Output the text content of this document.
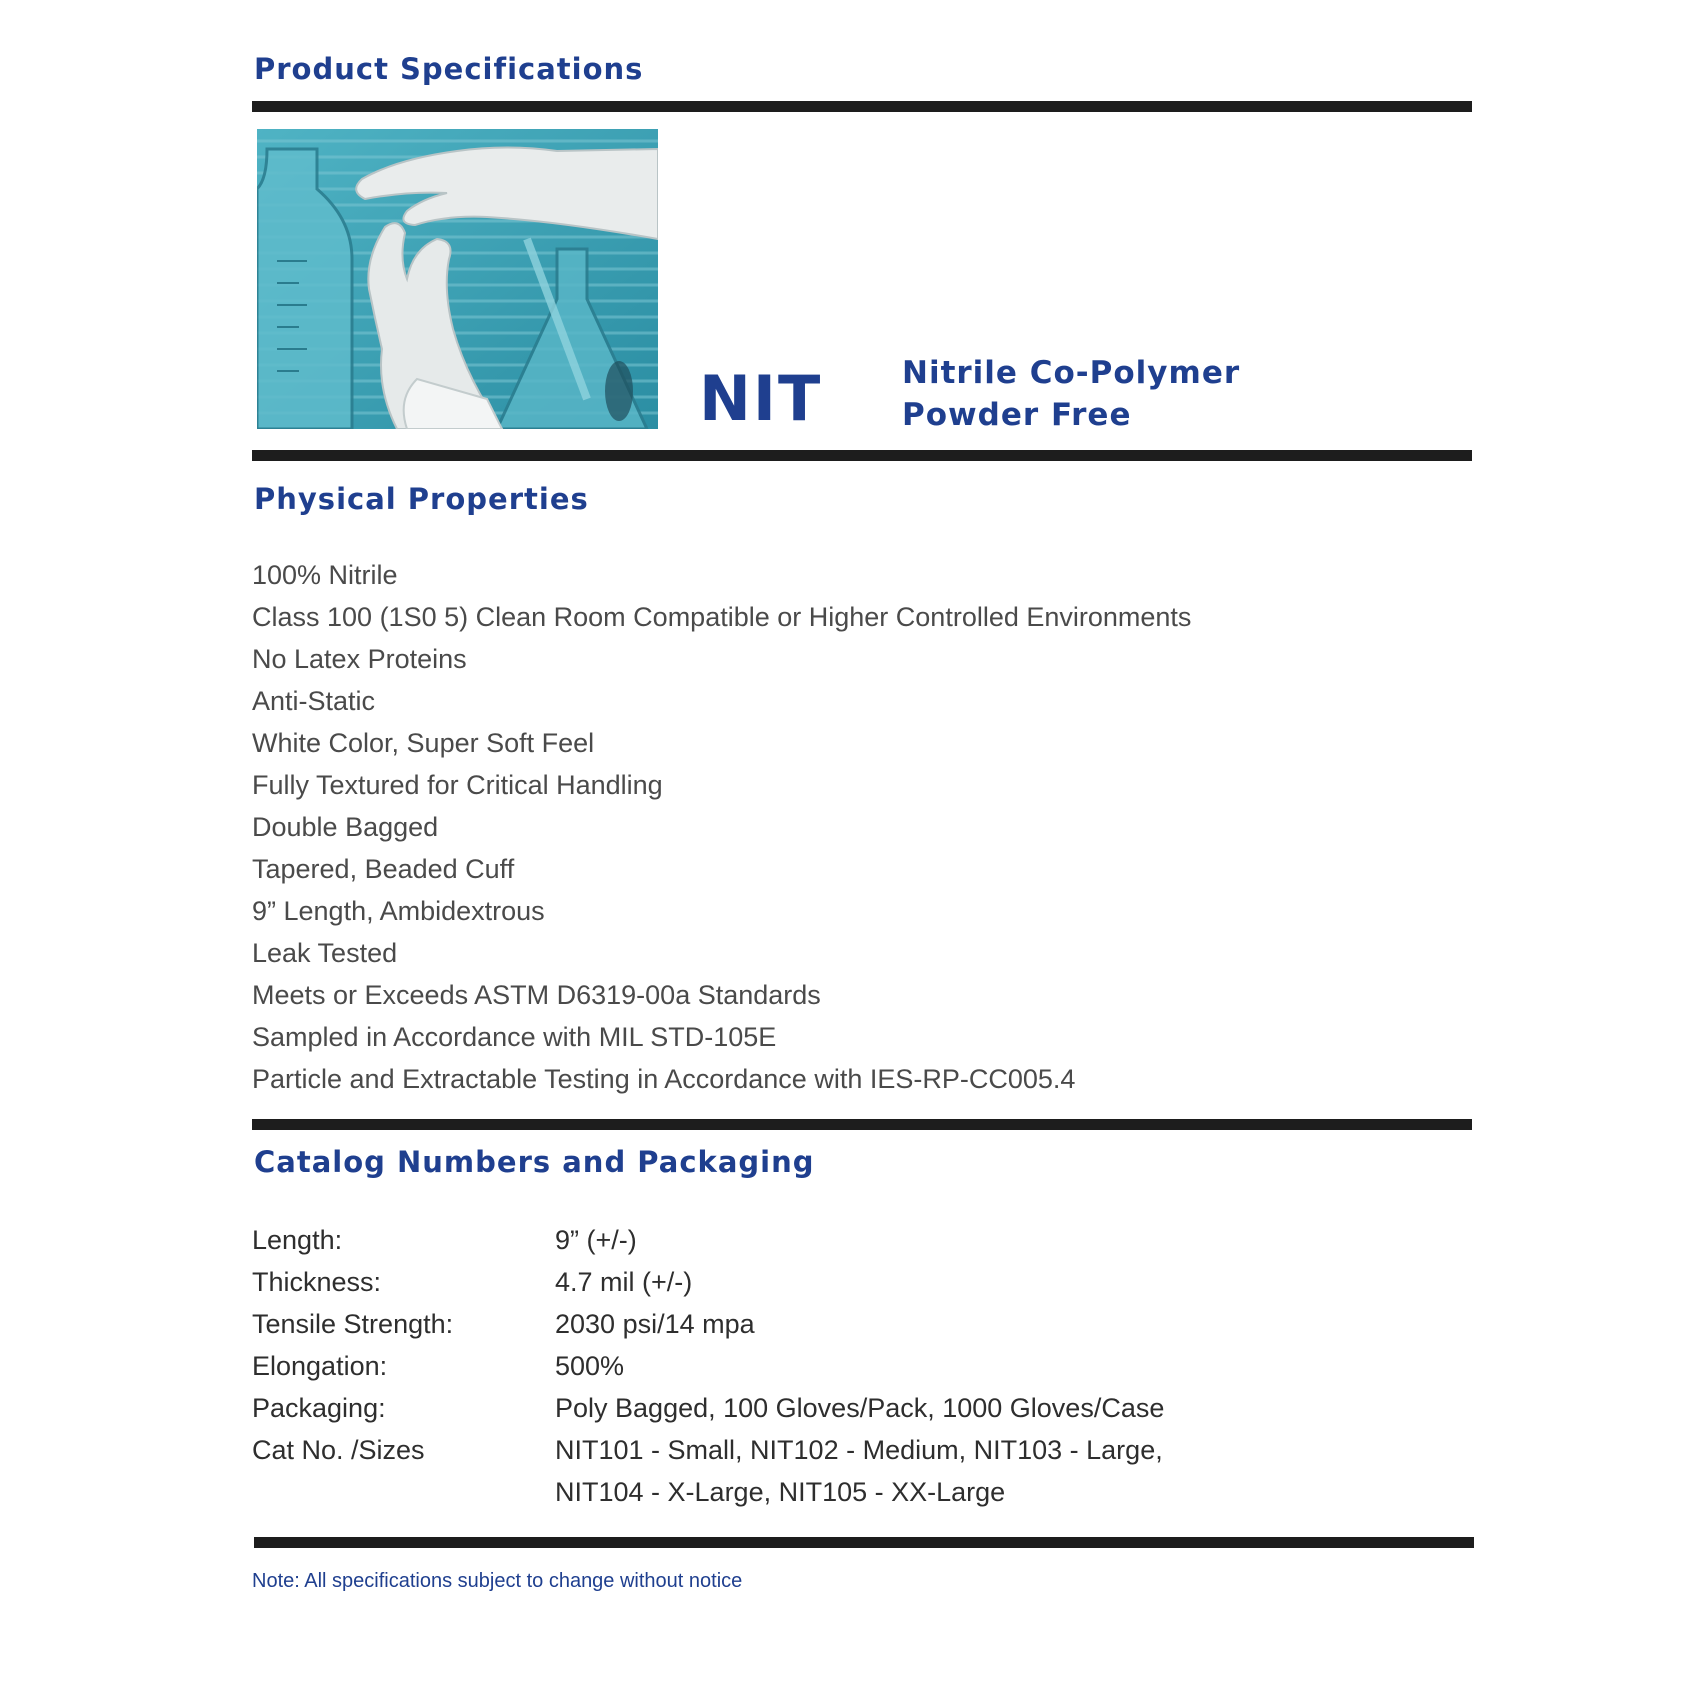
Product Specifications
NIT	Nitrile Co-Polymer
Powder Free
Physical Properties
100% Nitrile
Class 100 (1S0 5) Clean Room Compatible or Higher Controlled Environments
No Latex Proteins
Anti-Static
White Color, Super Soft Feel
Fully Textured for Critical Handling
Double Bagged
Tapered, Beaded Cuff
9” Length, Ambidextrous
Leak Tested
Meets or Exceeds ASTM D6319-00a Standards
Sampled in Accordance with MIL STD-105E
Particle and Extractable Testing in Accordance with IES-RP-CC005.4
Catalog Numbers and Packaging
Length:	9” (+/-)
Thickness:	4.7 mil (+/-)
Tensile Strength:	2030 psi/14 mpa
Elongation:	500%
Packaging:	Poly Bagged, 100 Gloves/Pack, 1000 Gloves/Case
Cat No. /Sizes	NIT101 - Small, NIT102 - Medium, NIT103 - Large,
NIT104 - X-Large, NIT105 - XX-Large
Note: All specifications subject to change without notice
